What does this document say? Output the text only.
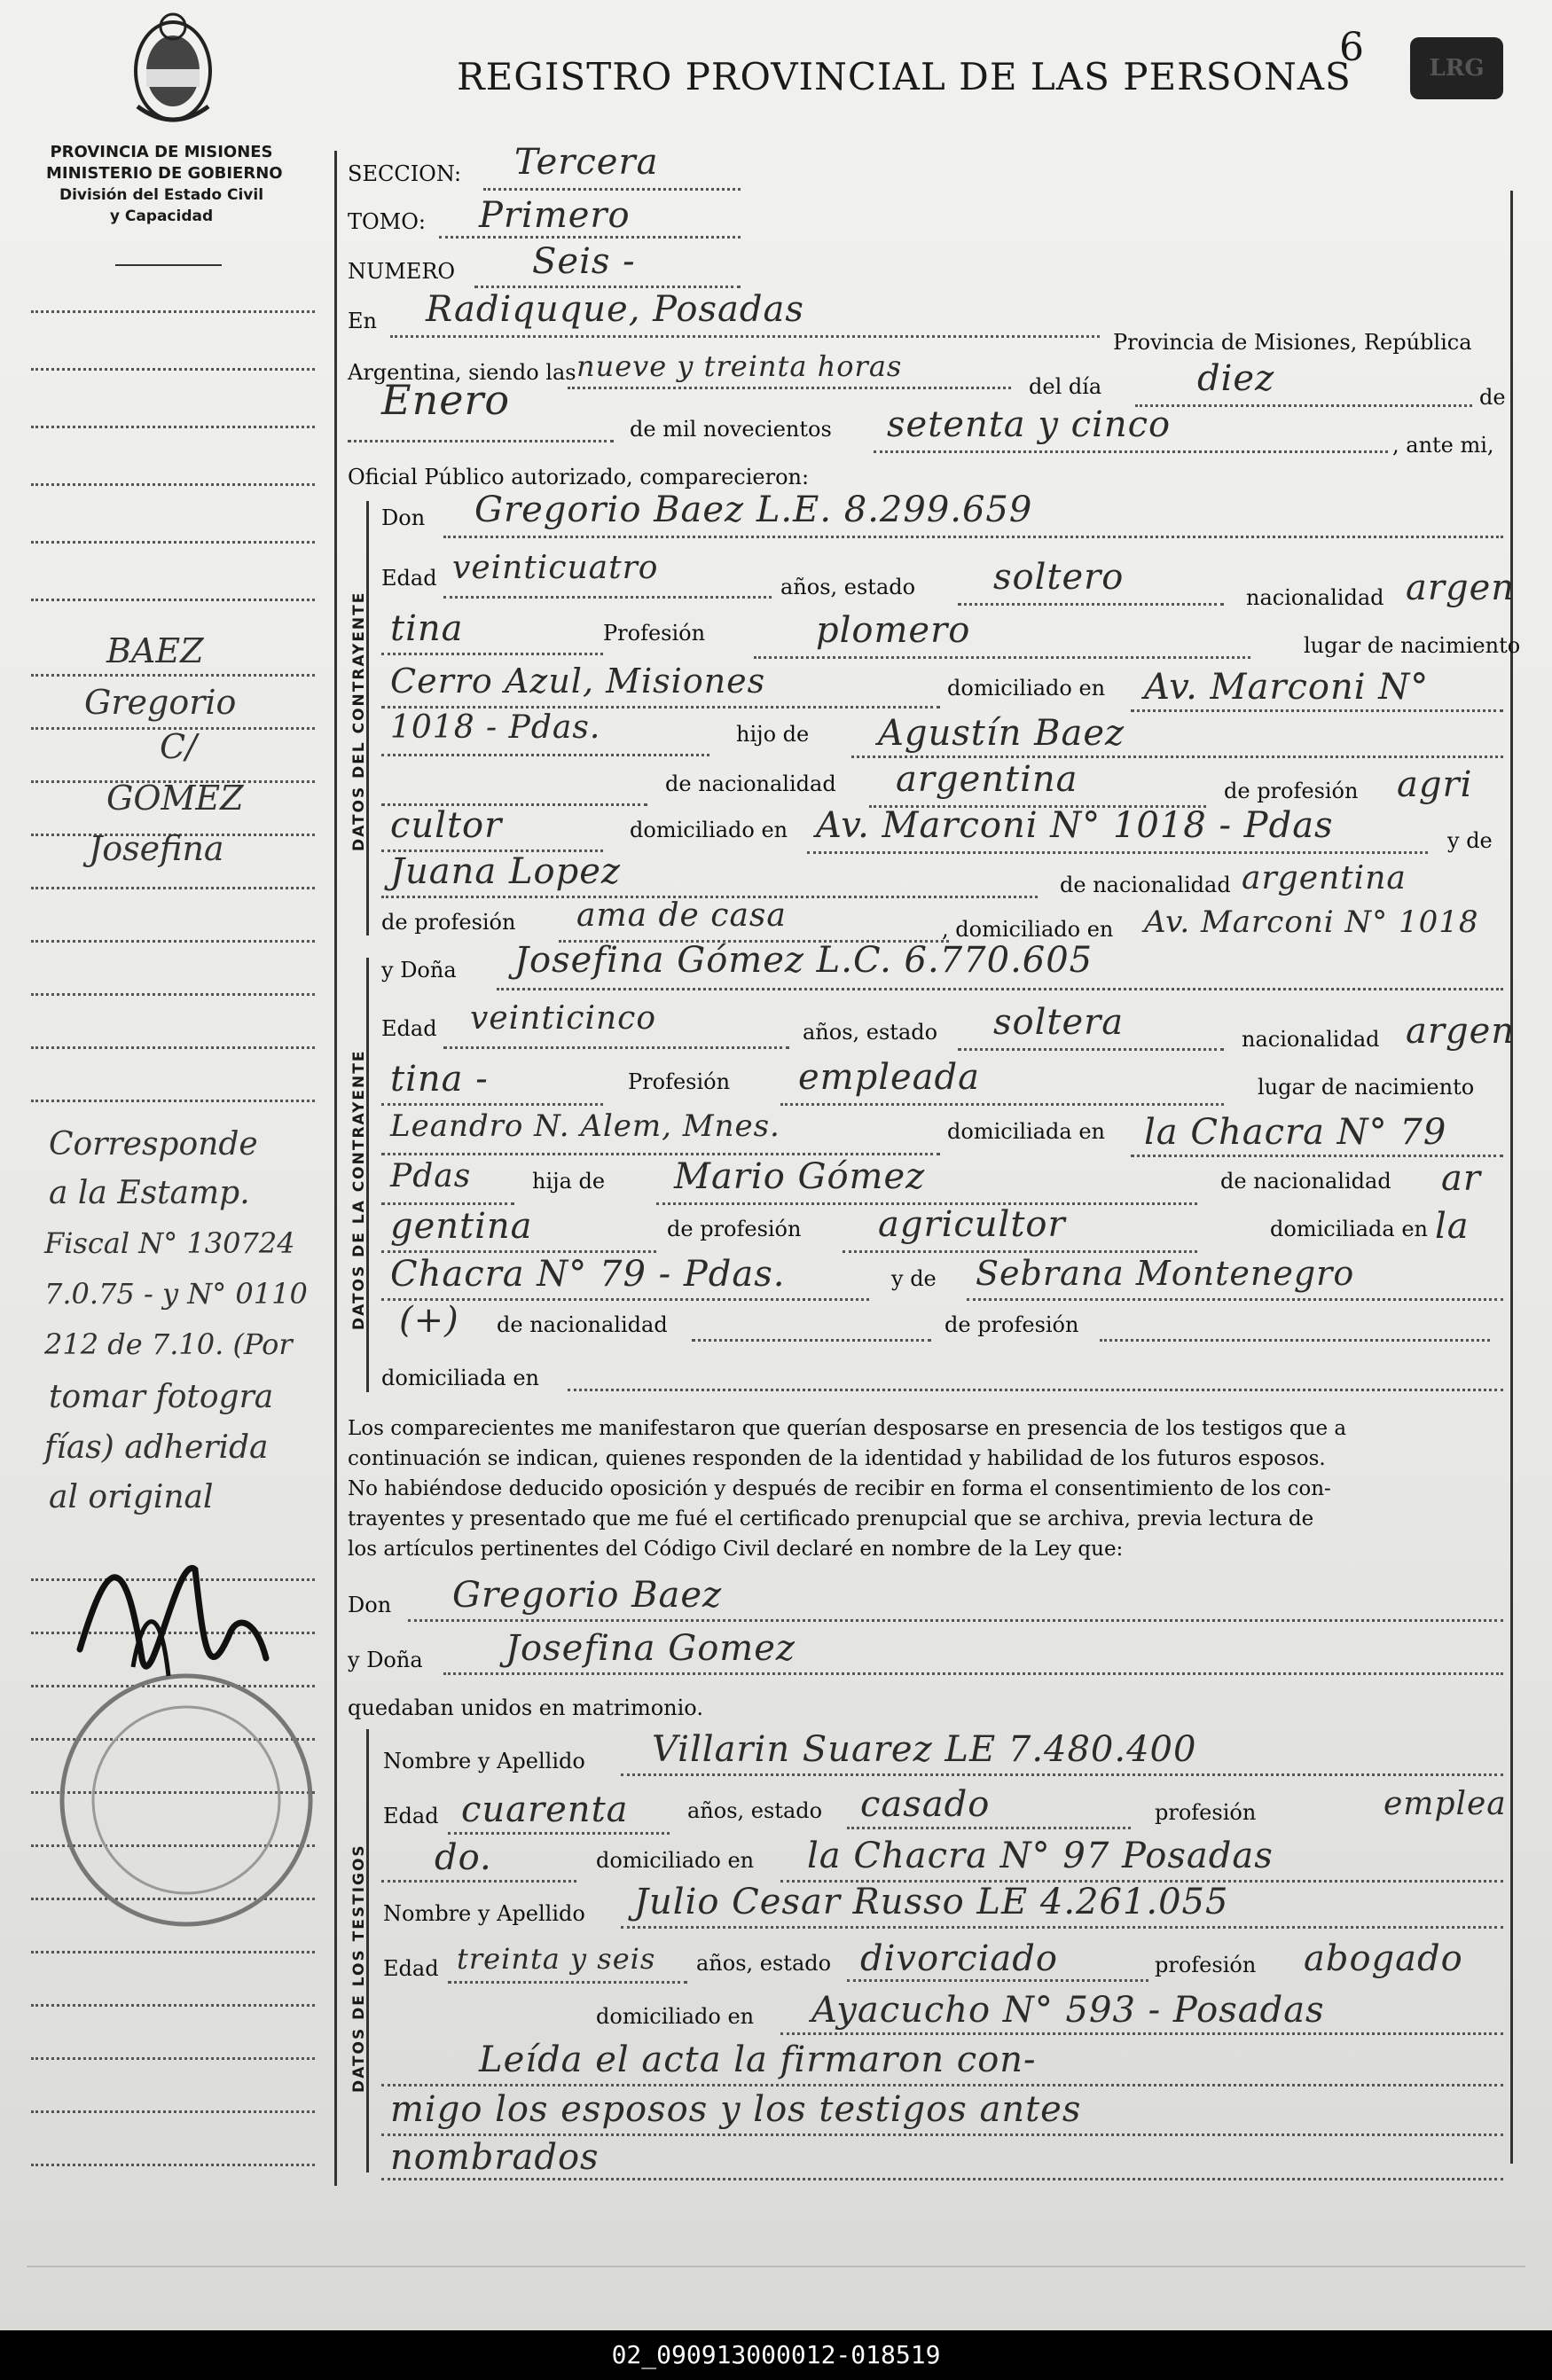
PROVINCIA DE MISIONES
MINISTERIO DE GOBIERNO
División del Estado Civil
y Capacidad
REGISTRO PROVINCIAL DE LAS PERSONAS
6	LRG
BAEZ
Gregorio
C/
GOMEZ
Josefina
Corresponde
a la Estamp.
Fiscal N° 130724
7.0.75 - y N° 0110
212 de 7.10. (Por
tomar fotogra
fías) adherida
al original
SECCION: Tercera
TOMO: Primero
NUMERO Seis -
En Radiquque, Posadas
Provincia de Misiones, República
Argentina, siendo las nueve y treinta horas
del día	diez	de
Enero
de mil novecientos setenta y cinco	, ante mi,
Oficial Público autorizado, comparecieron:
DATOS DEL CONTRAYENTE
Don Gregorio Baez L.E. 8.299.659
Edad veinticuatro
años, estado soltero	nacionalidad argen
tina	Profesión	plomero	lugar de nacimiento
Cerro Azul, Misiones	domiciliado en Av. Marconi N°
1018 - Pdas.	hijo de Agustín Baez
de nacionalidad argentina	de profesión agri
cultor	domiciliado en Av. Marconi N° 1018 - Pdas	y de
Juana Lopez	de nacionalidad argentina
de profesión ama de casa	, domiciliado en Av. Marconi N° 1018
DATOS DE LA CONTRAYENTE
y Doña Josefina Gómez L.C. 6.770.605
Edad veinticinco	años, estado soltera	nacionalidad argen
tina -	Profesión empleada	lugar de nacimiento
Leandro N. Alem, Mnes.	domiciliada en la Chacra N° 79
Pdas	hija de Mario Gómez	de nacionalidad ar
gentina	de profesión agricultor	domiciliada en la
Chacra N° 79 - Pdas.	y de Sebrana Montenegro
(+) de nacionalidad	de profesión
domiciliada en
Los comparecientes me manifestaron que querían desposarse en presencia de los testigos que a
continuación se indican, quienes responden de la identidad y habilidad de los futuros esposos.
No habiéndose deducido oposición y después de recibir en forma el consentimiento de los con-
trayentes y presentado que me fué el certificado prenupcial que se archiva, previa lectura de
los artículos pertinentes del Código Civil declaré en nombre de la Ley que:
Don Gregorio Baez
y Doña Josefina Gomez
quedaban unidos en matrimonio.
DATOS DE LOS TESTIGOS
Nombre y Apellido Villarin Suarez LE 7.480.400
Edad cuarenta	años, estado casado	profesión	emplea
do.	domiciliado en la Chacra N° 97 Posadas
Nombre y Apellido Julio Cesar Russo LE 4.261.055
Edad treinta y seis años, estado divorciado	profesión abogado
domiciliado en Ayacucho N° 593 - Posadas
Leída el acta la firmaron con-
migo los esposos y los testigos antes
nombrados
02_090913000012-018519
